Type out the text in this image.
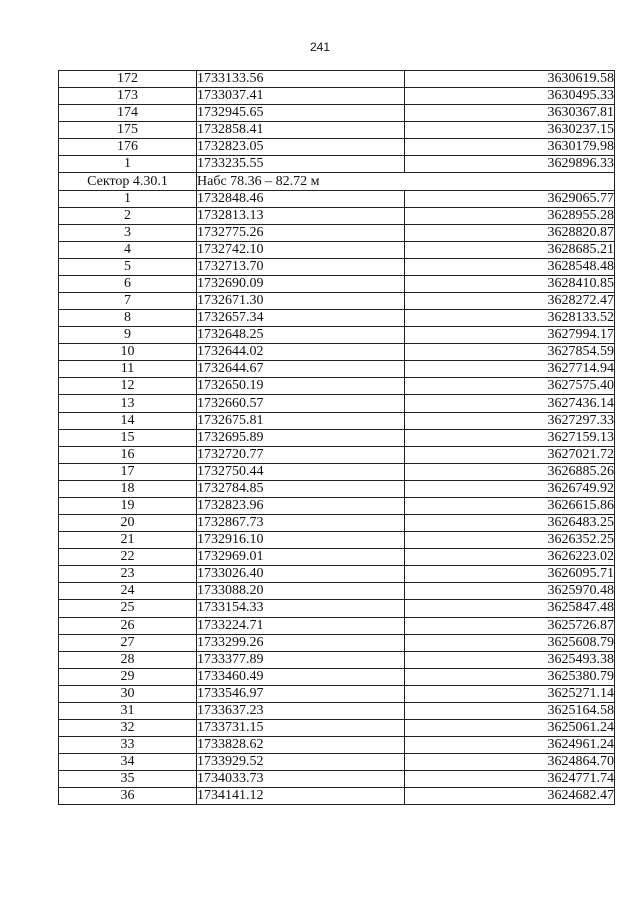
241
172	1733133.56	3630619.58
173	1733037.41	3630495.33
174	1732945.65	3630367.81
175	1732858.41	3630237.15
176	1732823.05	3630179.98
1	1733235.55	3629896.33
Сектор 4.30.1	Набс 78.36 – 82.72 м	
1	1732848.46	3629065.77
2	1732813.13	3628955.28
3	1732775.26	3628820.87
4	1732742.10	3628685.21
5	1732713.70	3628548.48
6	1732690.09	3628410.85
7	1732671.30	3628272.47
8	1732657.34	3628133.52
9	1732648.25	3627994.17
10	1732644.02	3627854.59
11	1732644.67	3627714.94
12	1732650.19	3627575.40
13	1732660.57	3627436.14
14	1732675.81	3627297.33
15	1732695.89	3627159.13
16	1732720.77	3627021.72
17	1732750.44	3626885.26
18	1732784.85	3626749.92
19	1732823.96	3626615.86
20	1732867.73	3626483.25
21	1732916.10	3626352.25
22	1732969.01	3626223.02
23	1733026.40	3626095.71
24	1733088.20	3625970.48
25	1733154.33	3625847.48
26	1733224.71	3625726.87
27	1733299.26	3625608.79
28	1733377.89	3625493.38
29	1733460.49	3625380.79
30	1733546.97	3625271.14
31	1733637.23	3625164.58
32	1733731.15	3625061.24
33	1733828.62	3624961.24
34	1733929.52	3624864.70
35	1734033.73	3624771.74
36	1734141.12	3624682.47
